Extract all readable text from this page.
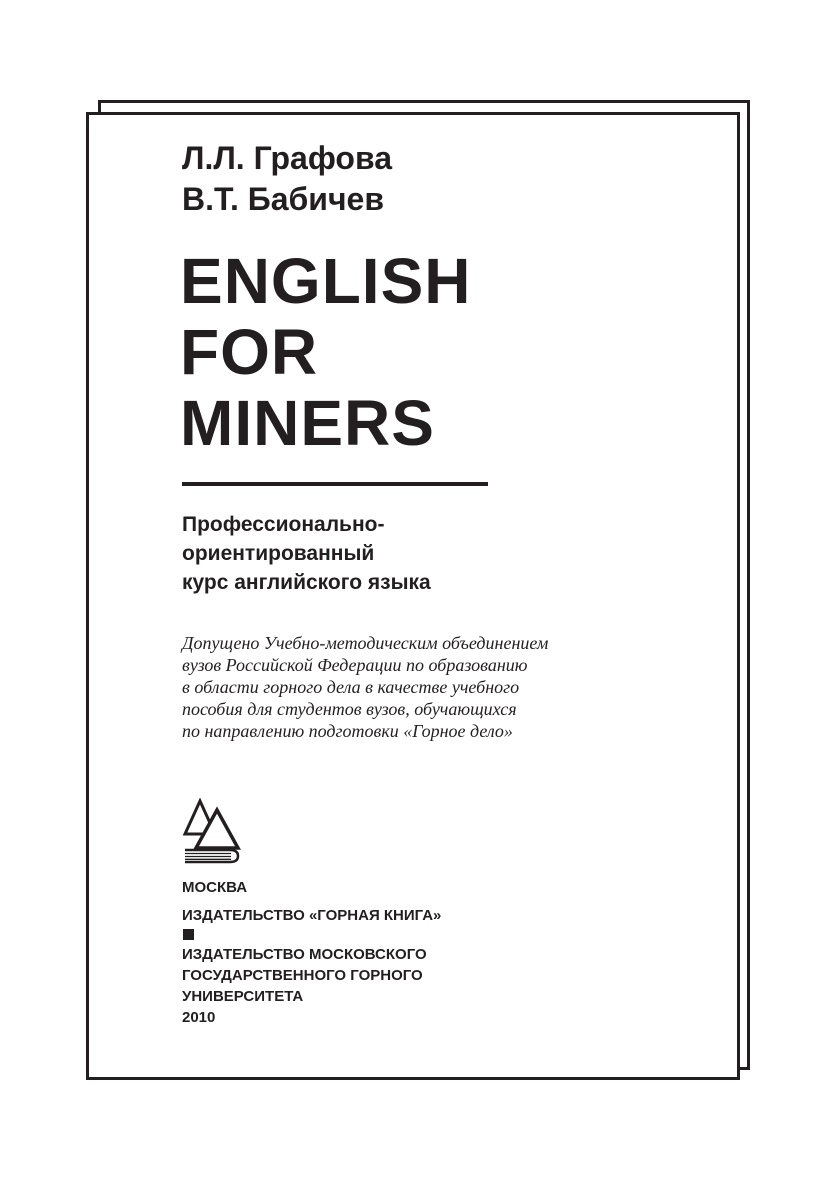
Л.Л. Графова
В.Т. Бабичев
ENGLISH
FOR
MINERS
Профессионально-
ориентированный
курс английского языка
Допущено Учебно-методическим объединением
вузов Российской Федерации по образованию
в области горного дела в качестве учебного
пособия для студентов вузов, обучающихся
по направлению подготовки «Горное дело»
МОСКВА
ИЗДАТЕЛЬСТВО «ГОРНАЯ КНИГА»
ИЗДАТЕЛЬСТВО МОСКОВСКОГО
ГОСУДАРСТВЕННОГО ГОРНОГО
УНИВЕРСИТЕТА
2010
